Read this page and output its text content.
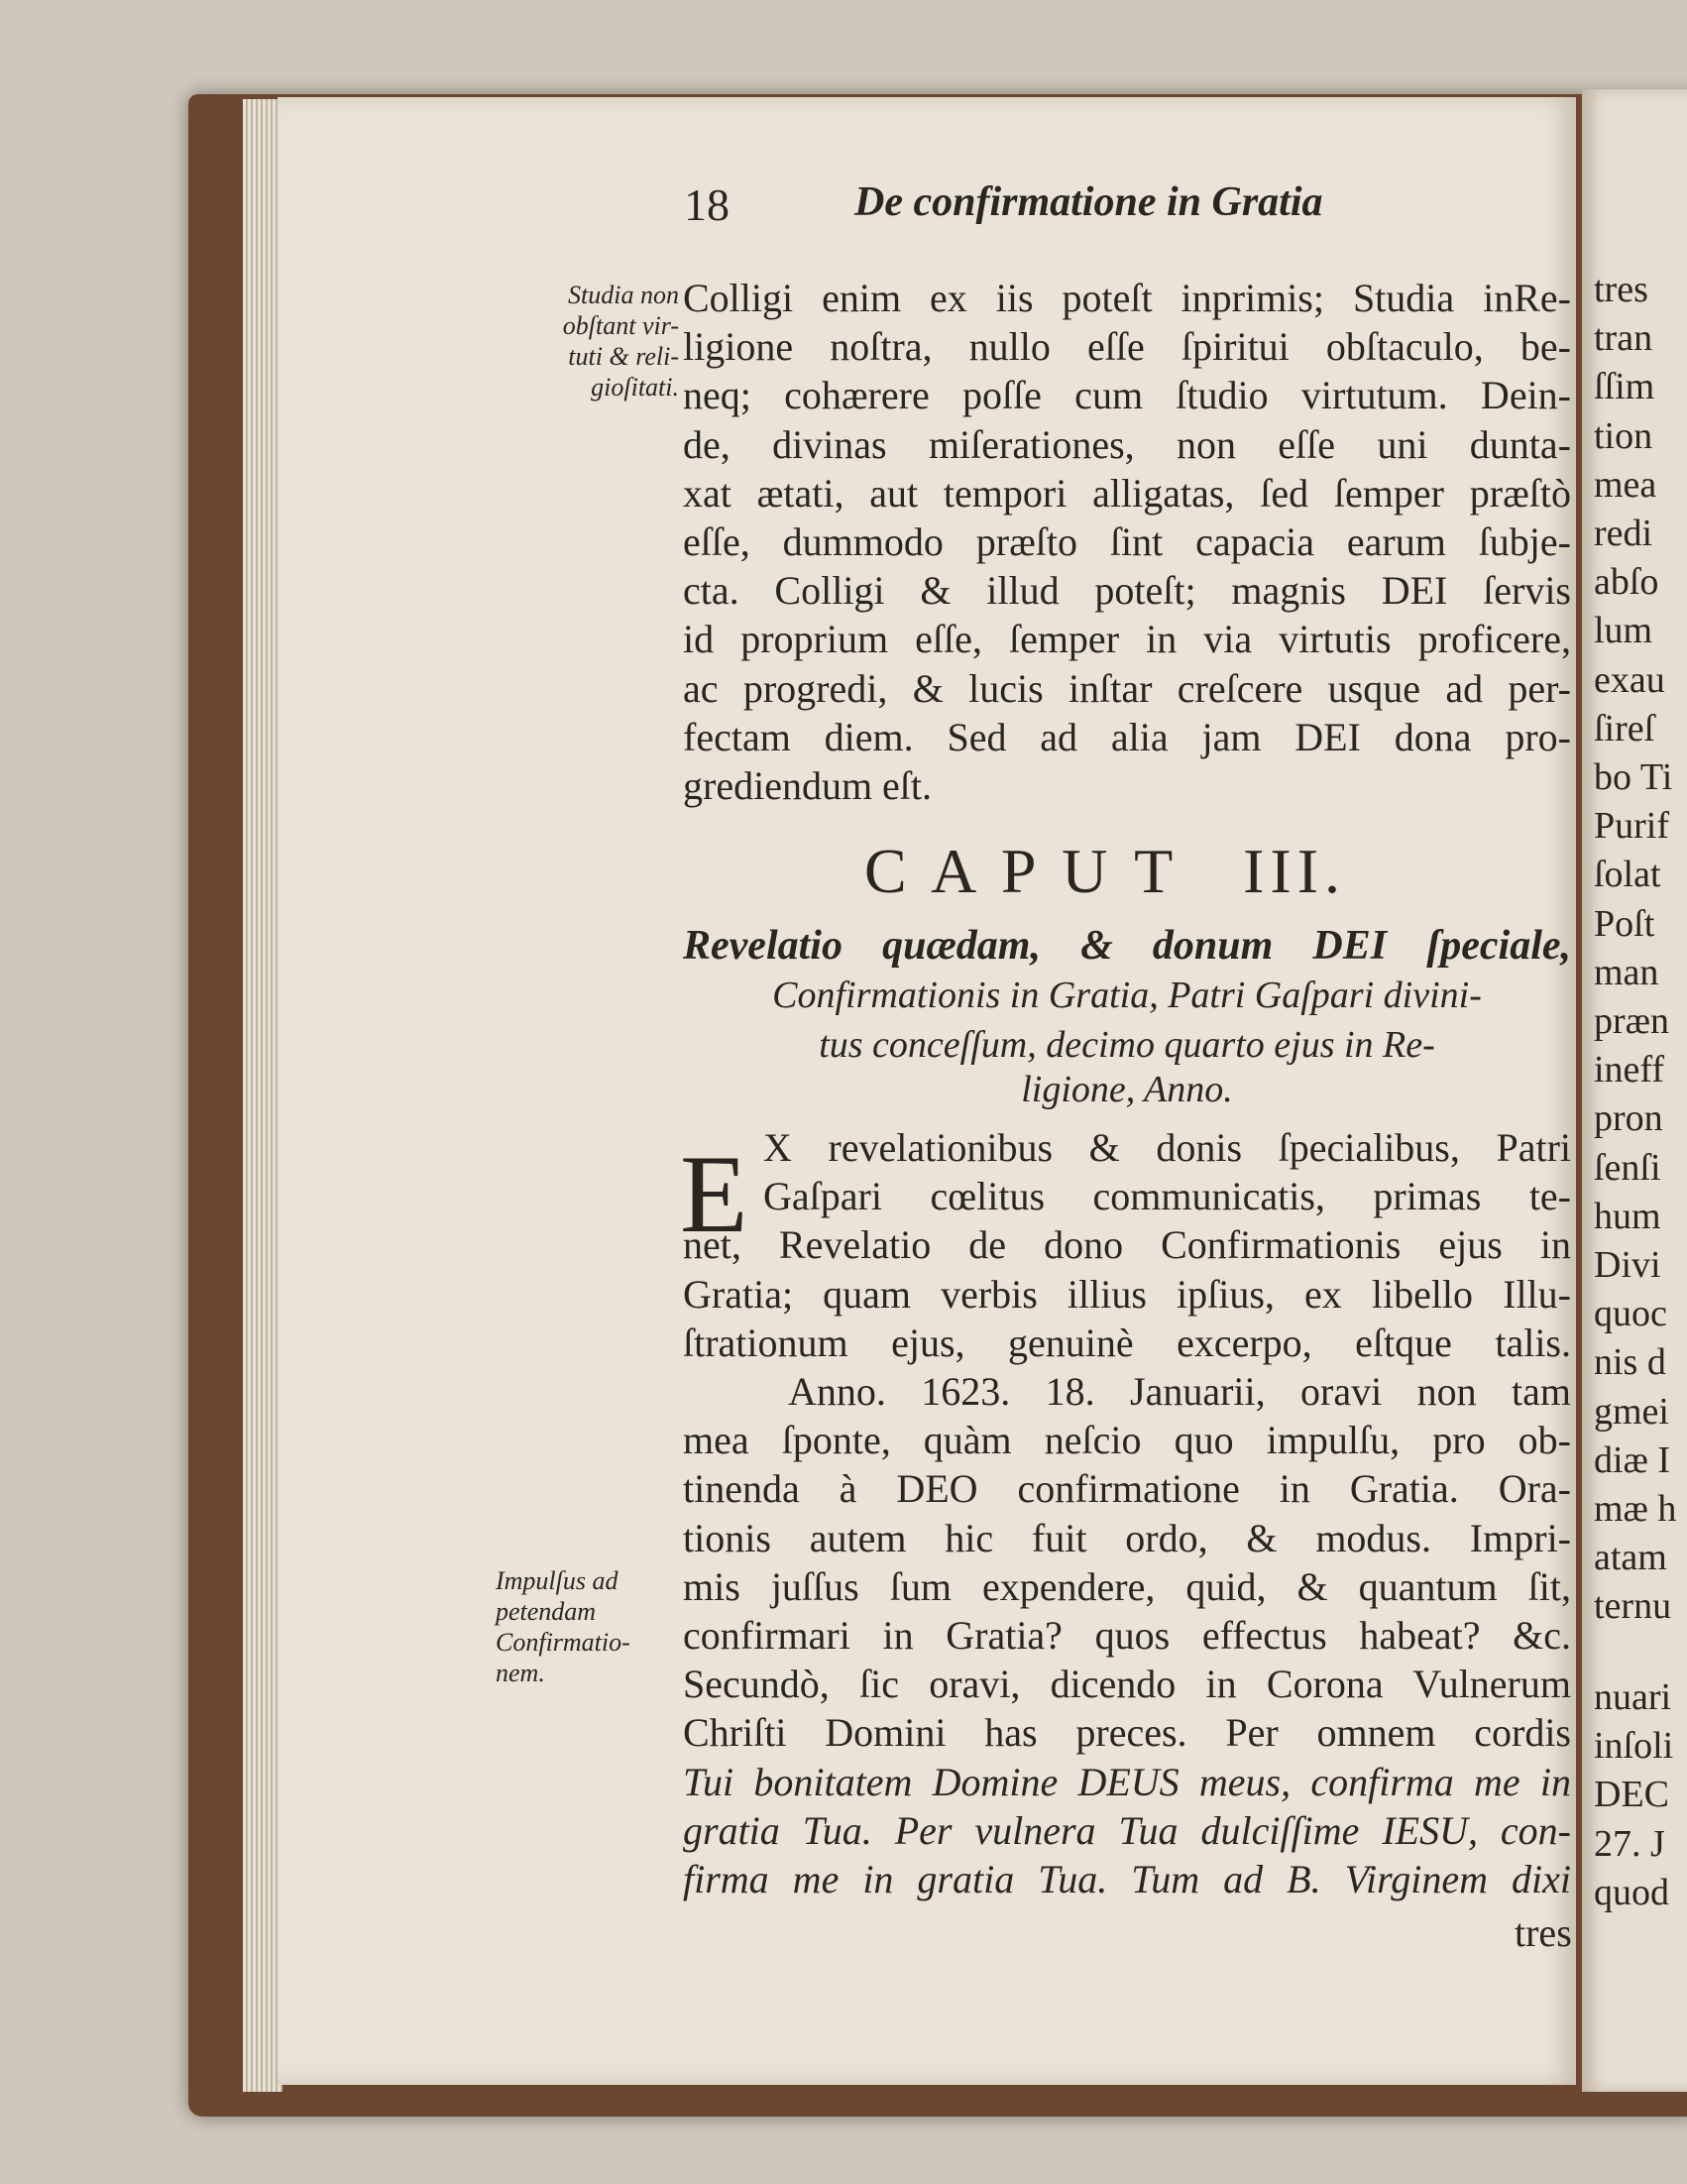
18	De confirmatione in Gratia
Colligi enim ex iis poteſt inprimis; Studia inRe-
ligione noſtra, nullo eſſe ſpiritui obſtaculo, be-
neq; cohærere poſſe cum ſtudio virtutum. Dein-
de, divinas miſerationes, non eſſe uni dunta-
xat ætati, aut tempori alligatas, ſed ſemper præſtò
eſſe, dummodo præſto ſint capacia earum ſubje-
cta. Colligi & illud poteſt; magnis DEI ſervis
id proprium eſſe, ſemper in via virtutis proficere,
ac progredi, & lucis inſtar creſcere usque ad per-
fectam diem. Sed ad alia jam DEI dona pro-
grediendum eſt.
Studia non
obſtant vir-
tuti & reli-
gioſitati.
C A P U T   III.
Revelatio quædam, & donum DEI ſpeciale,
Confirmationis in Gratia, Patri Gaſpari divini-
tus conceſſum, decimo quarto ejus in Re-
ligione, Anno.
E X revelationibus & donis ſpecialibus, Patri
Gaſpari cœlitus communicatis, primas te-
net, Revelatio de dono Confirmationis ejus in
Gratia; quam verbis illius ipſius, ex libello Illu-
ſtrationum ejus, genuinè excerpo, eſtque talis.
Anno. 1623. 18. Januarii, oravi non tam
mea ſponte, quàm neſcio quo impulſu, pro ob-
tinenda à DEO confirmatione in Gratia. Ora-
tionis autem hic fuit ordo, & modus. Impri-
mis juſſus ſum expendere, quid, & quantum ſit,
confirmari in Gratia? quos effectus habeat? &c.
Secundò, ſic oravi, dicendo in Corona Vulnerum
Chriſti Domini has preces. Per omnem cordis
Tui bonitatem Domine DEUS meus, confirma me in
gratia Tua. Per vulnera Tua dulciſſime IESU, con-
firma me in gratia Tua. Tum ad B. Virginem dixi
Impulſus ad
petendam
Confirmatio-
nem.
tres
tres
tran
ſſim
tion
mea
redi
abſo
lum
exau
ſireſ
bo Ti
Purif
ſolat
Poſt
man
præn
ineff
pron
ſenſi
hum
Divi
quoc
nis d
gmei
diæ I
mæ h
atam
ternu
nuari
inſoli
DEC
27. J
quod
